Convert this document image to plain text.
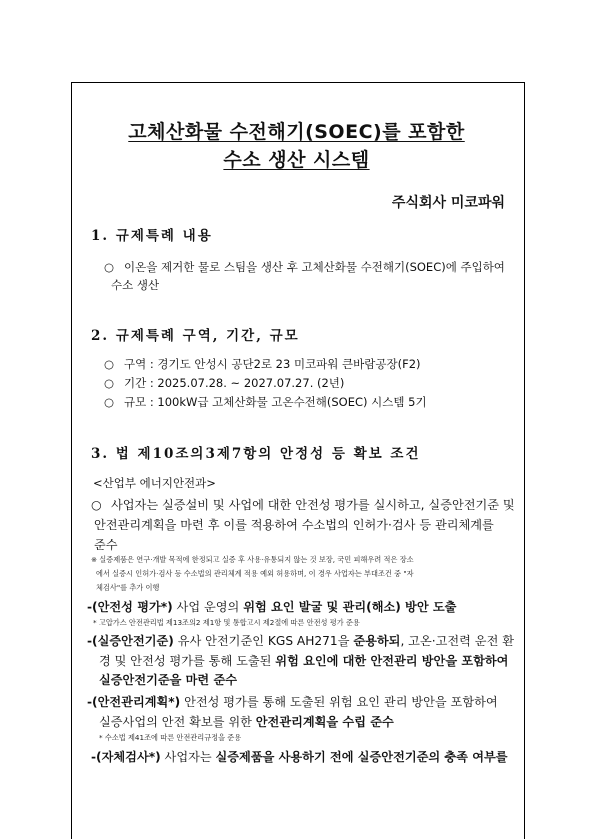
고체산화물 수전해기(SOEC)를 포함한
수소 생산 시스템
주식회사 미코파워
1. 규제특례 내용
○ 이온을 제거한 물로 스팀을 생산 후 고체산화물 수전해기(SOEC)에 주입하여
수소 생산
2. 규제특례 구역, 기간, 규모
○ 구역 : 경기도 안성시 공단2로 23 미코파워 큰바람공장(F2)
○ 기간 : 2025.07.28. ~ 2027.07.27. (2년)
○ 규모 : 100kW급 고체산화물 고온수전해(SOEC) 시스템 5기
3. 법 제10조의3제7항의 안정성 등 확보 조건
<산업부 에너지안전과>
○ 사업자는 실증설비 및 사업에 대한 안전성 평가를 실시하고, 실증안전기준 및
안전관리계획을 마련 후 이를 적용하여 수소법의 인허가·검사 등 관리체계를
준수
※ 실증제품은 연구·개발 목적에 한정되고 실증 후 사용·유통되지 않는 것 보장, 국민 피해우려 적은 장소
에서 실증시 인허가·검사 등 수소법의 관리체계 적용 예외 허용하며, 이 경우 사업자는 부대조건 중 "자
체검사"를 추가 이행
-(안전성 평가*) 사업 운영의 위험 요인 발굴 및 관리(해소) 방안 도출
* 고압가스 안전관리법 제13조의2 제1항 및 통합고시 제2절에 따른 안전성 평가 준용
-(실증안전기준) 유사 안전기준인 KGS AH271을 준용하되, 고온·고전력 운전 환
경 및 안전성 평가를 통해 도출된 위험 요인에 대한 안전관리 방안을 포함하여
실증안전기준을 마련 준수
-(안전관리계획*) 안전성 평가를 통해 도출된 위험 요인 관리 방안을 포함하여
실증사업의 안전 확보를 위한 안전관리계획을 수립 준수
* 수소법 제41조에 따른 안전관리규정을 준용
-(자체검사*) 사업자는 실증제품을 사용하기 전에 실증안전기준의 충족 여부를
